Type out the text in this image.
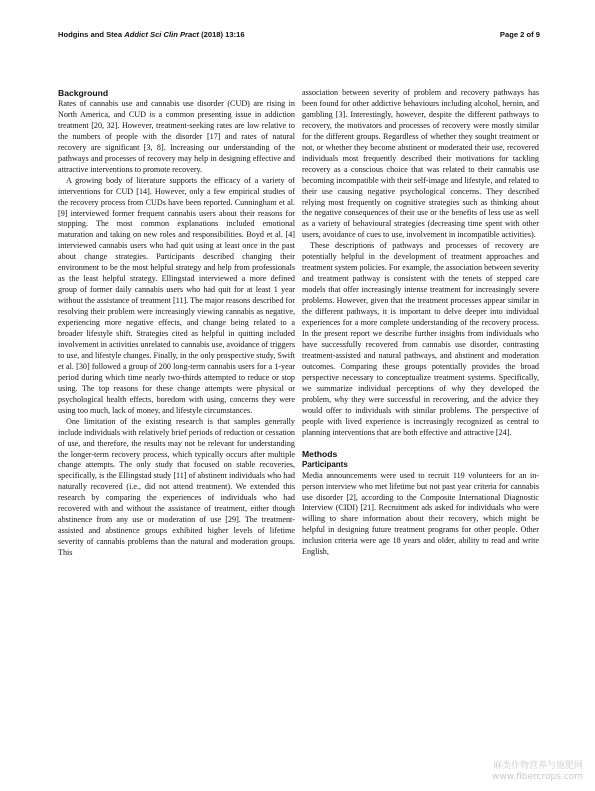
Hodgins and Stea Addict Sci Clin Pract (2018) 13:16	Page 2 of 9
Background

Rates of cannabis use and cannabis use disorder (CUD) are rising in North America, and CUD is a common presenting issue in addiction treatment [20, 32]. However, treatment-seeking rates are low relative to the numbers of people with the disorder [17] and rates of natural recovery are significant [3, 8]. Increasing our understanding of the pathways and processes of recovery may help in designing effective and attractive interventions to promote recovery.

A growing body of literature supports the efficacy of a variety of interventions for CUD [14]. However, only a few empirical studies of the recovery process from CUDs have been reported. Cunningham et al. [9] interviewed former frequent cannabis users about their reasons for stopping. The most common explanations included emotional maturation and taking on new roles and responsibilities. Boyd et al. [4] interviewed cannabis users who had quit using at least once in the past about change strategies. Participants described changing their environment to be the most helpful strategy and help from professionals as the least helpful strategy. Ellingstad interviewed a more defined group of former daily cannabis users who had quit for at least 1 year without the assistance of treatment [11]. The major reasons described for resolving their problem were increasingly viewing cannabis as negative, experiencing more negative effects, and change being related to a broader lifestyle shift. Strategies cited as helpful in quitting included involvement in activities unrelated to cannabis use, avoidance of triggers to use, and lifestyle changes. Finally, in the only prospective study, Swift et al. [30] followed a group of 200 long-term cannabis users for a 1-year period during which time nearly two-thirds attempted to reduce or stop using. The top reasons for these change attempts were physical or psychological health effects, boredom with using, concerns they were using too much, lack of money, and lifestyle circumstances.

One limitation of the existing research is that samples generally include individuals with relatively brief periods of reduction or cessation of use, and therefore, the results may not be relevant for understanding the longer-term recovery process, which typically occurs after multiple change attempts. The only study that focused on stable recoveries, specifically, is the Ellingstad study [11] of abstinent individuals who had naturally recovered (i.e., did not attend treatment). We extended this research by comparing the experiences of individuals who had recovered with and without the assistance of treatment, either though abstinence from any use or moderation of use [29]. The treatment-assisted and abstinence groups exhibited higher levels of lifetime severity of cannabis problems than the natural and moderation groups. This

association between severity of problem and recovery pathways has been found for other addictive behaviours including alcohol, heroin, and gambling [3]. Interestingly, however, despite the different pathways to recovery, the motivators and processes of recovery were mostly similar for the different groups. Regardless of whether they sought treatment or not, or whether they become abstinent or moderated their use, recovered individuals most frequently described their motivations for tackling recovery as a conscious choice that was related to their cannabis use becoming incompatible with their self-image and lifestyle, and related to their use causing negative psychological concerns. They described relying most frequently on cognitive strategies such as thinking about the negative consequences of their use or the benefits of less use as well as a variety of behavioural strategies (decreasing time spent with other users, avoidance of cues to use, involvement in incompatible activities).

These descriptions of pathways and processes of recovery are potentially helpful in the development of treatment approaches and treatment system policies. For example, the association between severity and treatment pathway is consistent with the tenets of stepped care models that offer increasingly intense treatment for increasingly severe problems. However, given that the treatment processes appear similar in the different pathways, it is important to delve deeper into individual experiences for a more complete understanding of the recovery process. In the present report we describe further insights from individuals who have successfully recovered from cannabis use disorder, contrasting treatment-assisted and natural pathways, and abstinent and moderation outcomes. Comparing these groups potentially provides the broad perspective necessary to conceptualize treatment systems. Specifically, we summarize individual perceptions of why they developed the problem, why they were successful in recovering, and the advice they would offer to individuals with similar problems. The perspective of people with lived experience is increasingly recognized as central to planning interventions that are both effective and attractive [24].

Methods
Participants

Media announcements were used to recruit 119 volunteers for an in-person interview who met lifetime but not past year criteria for cannabis use disorder [2], according to the Composite International Diagnostic Interview (CIDI) [21]. Recruitment ads asked for individuals who were willing to share information about their recovery, which might be helpful in designing future treatment programs for other people. Other inclusion criteria were age 18 years and older, ability to read and write English,

麻类作物营养与施肥网
www.fibercrops.com
